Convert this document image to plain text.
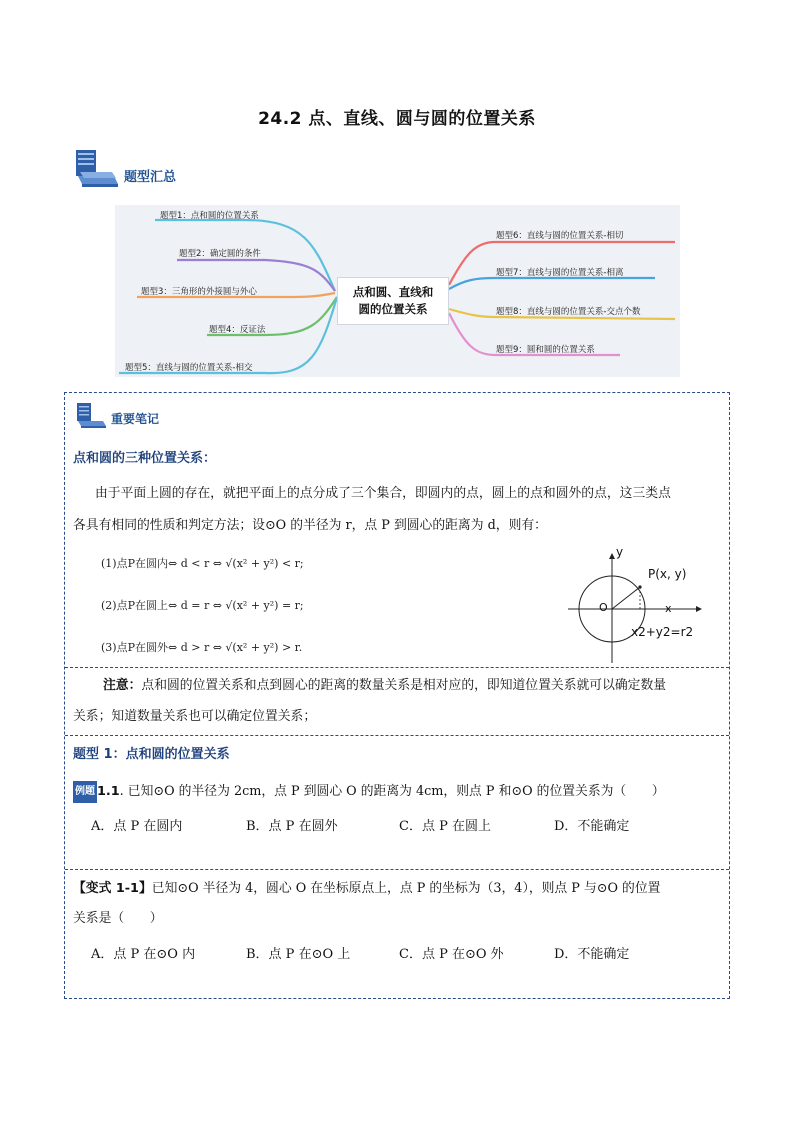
24.2 点、直线、圆与圆的位置关系
题型汇总
题型1：点和圆的位置关系
题型2：确定圆的条件
题型3：三角形的外接圆与外心
题型4：反证法
题型5：直线与圆的位置关系-相交
点和圆、直线和
圆的位置关系
题型6：直线与圆的位置关系-相切
题型7：直线与圆的位置关系-相离
题型8：直线与圆的位置关系-交点个数
题型9：圆和圆的位置关系
重要笔记
点和圆的三种位置关系：
由于平面上圆的存在，就把平面上的点分成了三个集合，即圆内的点，圆上的点和圆外的点，这三类点
各具有相同的性质和判定方法；设⊙O 的半径为 r，点 P 到圆心的距离为 d，则有：
(1)点P在圆内⇔ d < r ⇔ √(x² + y²) < r;
(2)点P在圆上⇔ d = r ⇔ √(x² + y²) = r;
(3)点P在圆外⇔ d > r ⇔ √(x² + y²) > r.
y
P(x, y)
O	x
x2+y2=r2
注意：点和圆的位置关系和点到圆心的距离的数量关系是相对应的，即知道位置关系就可以确定数量
关系；知道数量关系也可以确定位置关系；
题型 1：点和圆的位置关系
例题 1.1. 已知⊙O 的半径为 2cm，点 P 到圆心 O 的距离为 4cm，则点 P 和⊙O 的位置关系为（　　）
A．点 P 在圆内	B．点 P 在圆外	C．点 P 在圆上	D．不能确定
【变式 1-1】已知⊙O 半径为 4，圆心 O 在坐标原点上，点 P 的坐标为（3，4），则点 P 与⊙O 的位置
关系是（　　）
A．点 P 在⊙O 内	B．点 P 在⊙O 上	C．点 P 在⊙O 外	D．不能确定
